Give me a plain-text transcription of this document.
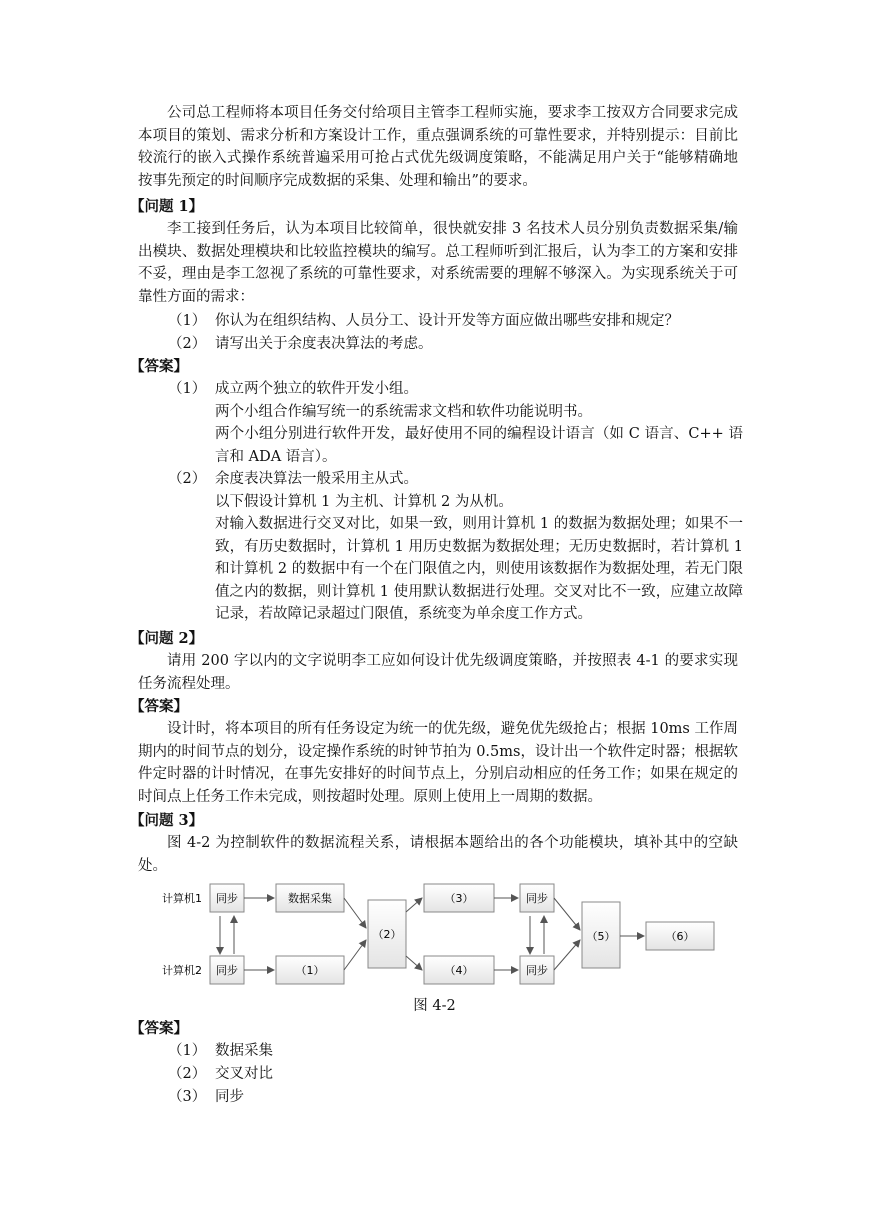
公司总工程师将本项目任务交付给项目主管李工程师实施，要求李工按双方合同要求完成本项目的策划、需求分析和方案设计工作，重点强调系统的可靠性要求，并特别提示：目前比较流行的嵌入式操作系统普遍采用可抢占式优先级调度策略，不能满足用户关于“能够精确地按事先预定的时间顺序完成数据的采集、处理和输出”的要求。

【问题 1】

李工接到任务后，认为本项目比较简单，很快就安排 3 名技术人员分别负责数据采集/输出模块、数据处理模块和比较监控模块的编写。总工程师听到汇报后，认为李工的方案和安排不妥，理由是李工忽视了系统的可靠性要求，对系统需要的理解不够深入。为实现系统关于可靠性方面的需求：

（1） 你认为在组织结构、人员分工、设计开发等方面应做出哪些安排和规定？

（2） 请写出关于余度表决算法的考虑。

【答案】

（1） 成立两个独立的软件开发小组。

两个小组合作编写统一的系统需求文档和软件功能说明书。

两个小组分别进行软件开发，最好使用不同的编程设计语言（如 C 语言、C++ 语言和 ADA 语言）。

（2） 余度表决算法一般采用主从式。

以下假设计算机 1 为主机、计算机 2 为从机。

对输入数据进行交叉对比，如果一致，则用计算机 1 的数据为数据处理；如果不一致，有历史数据时，计算机 1 用历史数据为数据处理；无历史数据时，若计算机 1 和计算机 2 的数据中有一个在门限值之内，则使用该数据作为数据处理，若无门限值之内的数据，则计算机 1 使用默认数据进行处理。交叉对比不一致，应建立故障记录，若故障记录超过门限值，系统变为单余度工作方式。

【问题 2】

请用 200 字以内的文字说明李工应如何设计优先级调度策略，并按照表 4-1 的要求实现任务流程处理。

【答案】

设计时，将本项目的所有任务设定为统一的优先级，避免优先级抢占；根据 10ms 工作周期内的时间节点的划分，设定操作系统的时钟节拍为 0.5ms，设计出一个软件定时器；根据软件定时器的计时情况，在事先安排好的时间节点上，分别启动相应的任务工作；如果在规定的时间点上任务工作未完成，则按超时处理。原则上使用上一周期的数据。

【问题 3】

图 4-2 为控制软件的数据流程关系，请根据本题给出的各个功能模块，填补其中的空缺处。

计算机1
计算机2
同步
同步
数据采集
（1）
（2）
（3）
（4）
同步
同步
（5）	（6）
图 4-2

【答案】

（1） 数据采集

（2） 交叉对比

（3） 同步
